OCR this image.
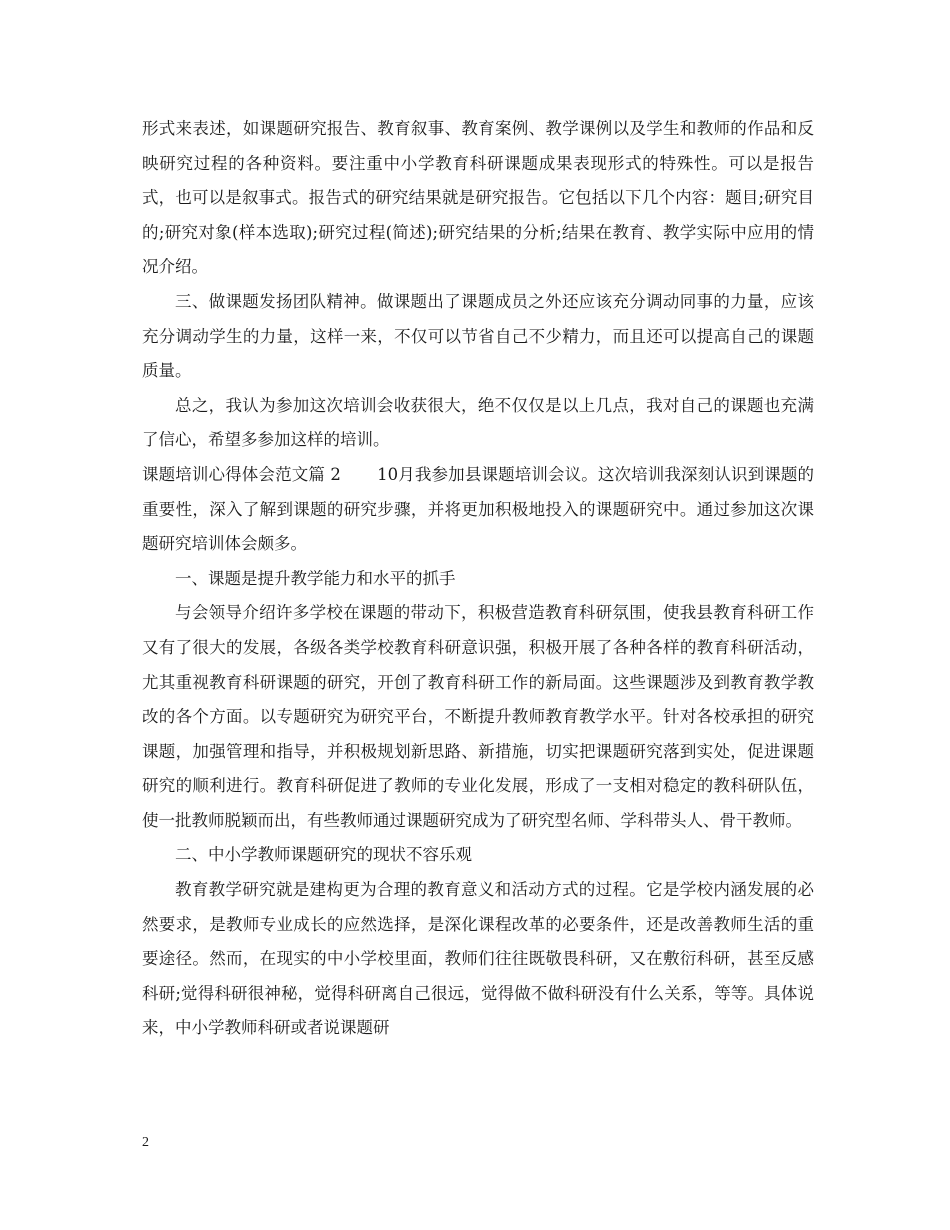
形式来表述，如课题研究报告、教育叙事、教育案例、教学课例以及学生和教师的作品和反映研究过程的各种资料。要注重中小学教育科研课题成果表现形式的特殊性。可以是报告式，也可以是叙事式。报告式的研究结果就是研究报告。它包括以下几个内容：题目;研究目的;研究对象(样本选取);研究过程(简述);研究结果的分析;结果在教育、教学实际中应用的情况介绍。

三、做课题发扬团队精神。做课题出了课题成员之外还应该充分调动同事的力量，应该充分调动学生的力量，这样一来，不仅可以节省自己不少精力，而且还可以提高自己的课题质量。

总之，我认为参加这次培训会收获很大，绝不仅仅是以上几点，我对自己的课题也充满了信心，希望多参加这样的培训。

课题培训心得体会范文篇 2 10月我参加县课题培训会议。这次培训我深刻认识到课题的重要性，深入了解到课题的研究步骤，并将更加积极地投入的课题研究中。通过参加这次课题研究培训体会颇多。

一、课题是提升教学能力和水平的抓手

与会领导介绍许多学校在课题的带动下，积极营造教育科研氛围，使我县教育科研工作又有了很大的发展，各级各类学校教育科研意识强，积极开展了各种各样的教育科研活动，尤其重视教育科研课题的研究，开创了教育科研工作的新局面。这些课题涉及到教育教学教改的各个方面。以专题研究为研究平台，不断提升教师教育教学水平。针对各校承担的研究课题，加强管理和指导，并积极规划新思路、新措施，切实把课题研究落到实处，促进课题研究的顺利进行。教育科研促进了教师的专业化发展，形成了一支相对稳定的教科研队伍，使一批教师脱颖而出，有些教师通过课题研究成为了研究型名师、学科带头人、骨干教师。

二、中小学教师课题研究的现状不容乐观

教育教学研究就是建构更为合理的教育意义和活动方式的过程。它是学校内涵发展的必然要求，是教师专业成长的应然选择，是深化课程改革的必要条件，还是改善教师生活的重要途径。然而，在现实的中小学校里面，教师们往往既敬畏科研，又在敷衍科研，甚至反感科研;觉得科研很神秘，觉得科研离自己很远，觉得做不做科研没有什么关系，等等。具体说来，中小学教师科研或者说课题研

2
